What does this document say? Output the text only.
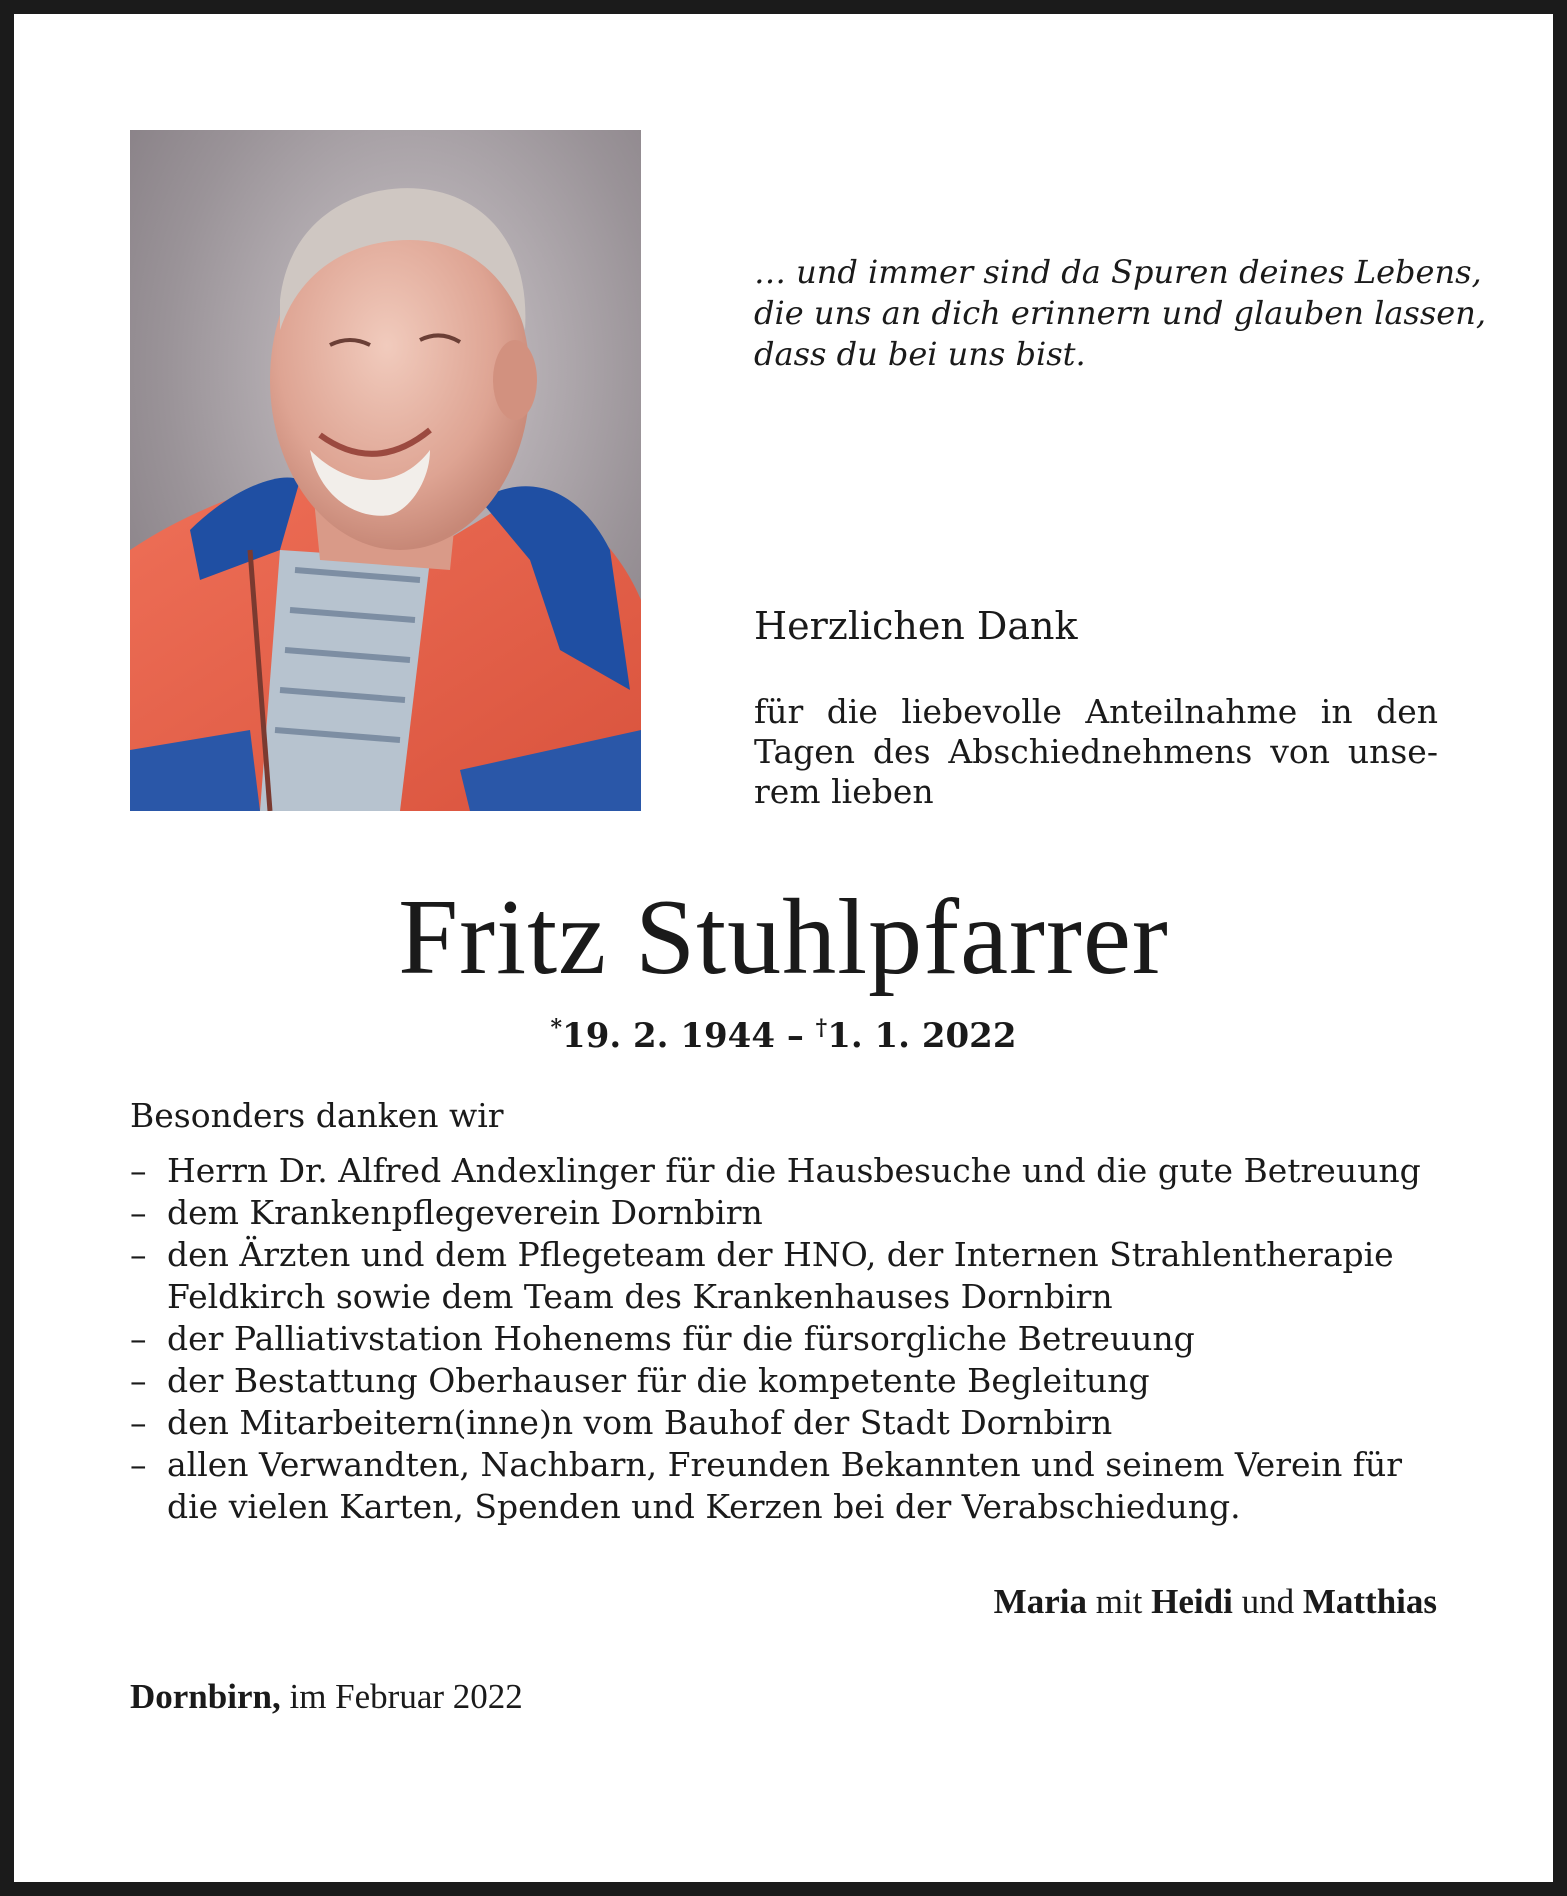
… und immer sind da Spuren deines Lebens,
die uns an dich erinnern und glauben lassen,
dass du bei uns bist.
Herzlichen Dank
für die liebevolle Anteilnahme in den
Tagen des Abschiednehmens von unse-
rem lieben
Fritz Stuhlpfarrer
*19. 2. 1944 – †1. 1. 2022
Besonders danken wir
– Herrn Dr. Alfred Andexlinger für die Hausbesuche und die gute Betreuung
– dem Krankenpflegeverein Dornbirn
– den Ärzten und dem Pflegeteam der HNO, der Internen Strahlentherapie
Feldkirch sowie dem Team des Krankenhauses Dornbirn
– der Palliativstation Hohenems für die fürsorgliche Betreuung
– der Bestattung Oberhauser für die kompetente Begleitung
– den Mitarbeitern(inne)n vom Bauhof der Stadt Dornbirn
– allen Verwandten, Nachbarn, Freunden Bekannten und seinem Verein für
die vielen Karten, Spenden und Kerzen bei der Verabschiedung.
Maria mit Heidi und Matthias
Dornbirn, im Februar 2022
